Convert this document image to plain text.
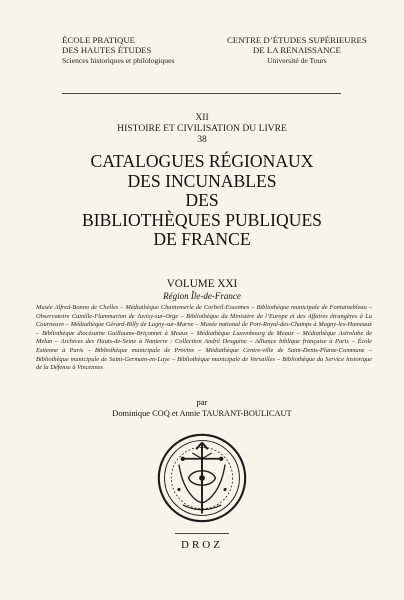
ÉCOLE PRATIQUE
DES HAUTES ÉTUDES
Sciences historiques et philologiques
CENTRE D’ÉTUDES SUPÉRIEURES
DE LA RENAISSANCE
Université de Tours
XII
HISTOIRE ET CIVILISATION DU LIVRE
38
CATALOGUES RÉGIONAUX
DES INCUNABLES
DES
BIBLIOTHÈQUES PUBLIQUES
DE FRANCE
VOLUME XXI
Région Île-de-France
Musée Alfred-Bonno de Chelles – Médiathèque Chantemerle de Corbeil-Essonnes – Bibliothèque municipale de Fontainebleau – Observatoire Camille-Flammarion de Juvisy-sur-Orge – Bibliothèque du Ministère de l’Europe et des Affaires étrangères à La Courneuve – Médiathèque Gérard-Billy de Lagny-sur-Marne – Musée national de Port-Royal-des-Champs à Magny-les-Hameaux – Bibliothèque diocésaine Guillaume-Briçonnet à Meaux – Médiathèque Luxembourg de Meaux – Médiathèque Astrolabe de Melun – Archives des Hauts-de-Seine à Nanterre : Collection André Desguine – Alliance biblique française à Paris – École Estienne à Paris – Bibliothèque municipale de Provins – Médiathèque Centre-ville de Saint-Denis-Plaine-Commune – Bibliothèque municipale de Saint-Germain-en-Laye – Bibliothèque municipale de Versailles – Bibliothèque du Service historique de la Défense à Vincennes
par
Dominique COQ et Annie TAURANT-BOULICAUT
DROZ
